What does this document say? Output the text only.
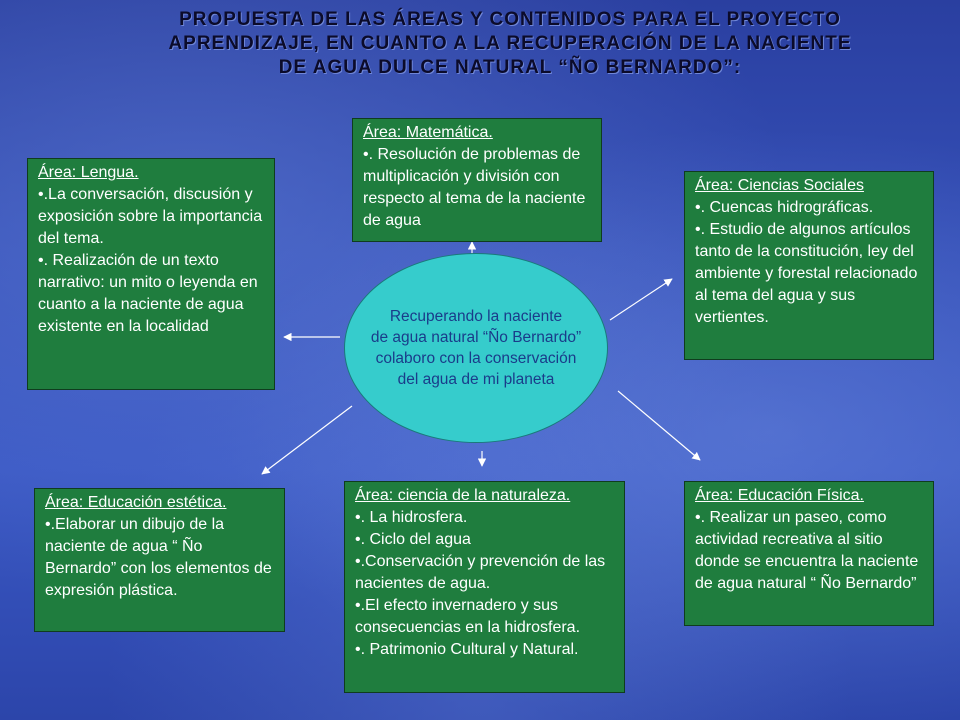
PROPUESTA DE LAS ÁREAS Y CONTENIDOS PARA EL PROYECTO
APRENDIZAJE, EN CUANTO A LA RECUPERACIÓN DE LA NACIENTE
DE AGUA DULCE NATURAL “ÑO BERNARDO”:
Área: Matemática.
•. Resolución de problemas de multiplicación y división con respecto al tema de la naciente de agua
Área: Lengua.
•.La conversación, discusión y exposición sobre la importancia del tema.
•. Realización de un texto narrativo: un mito o leyenda en cuanto a la naciente de agua existente en la localidad
Área: Ciencias Sociales
•. Cuencas hidrográficas.
•. Estudio de algunos artículos tanto de la constitución, ley del ambiente y forestal relacionado al tema del agua y sus vertientes.
Recuperando la naciente
de agua natural “Ño Bernardo”
colaboro con la conservación
del agua de mi planeta
Área: Educación estética.
•.Elaborar un dibujo de la naciente de agua “ Ño Bernardo” con los elementos de expresión plástica.
Área: ciencia de la naturaleza.
•. La hidrosfera.
•. Ciclo del agua
•.Conservación y prevención de las nacientes de agua.
•.El efecto invernadero y sus consecuencias en la hidrosfera.
•. Patrimonio Cultural y Natural.
Área: Educación Física.
•. Realizar un paseo, como actividad recreativa al sitio donde se encuentra la naciente de agua natural “ Ño Bernardo”
